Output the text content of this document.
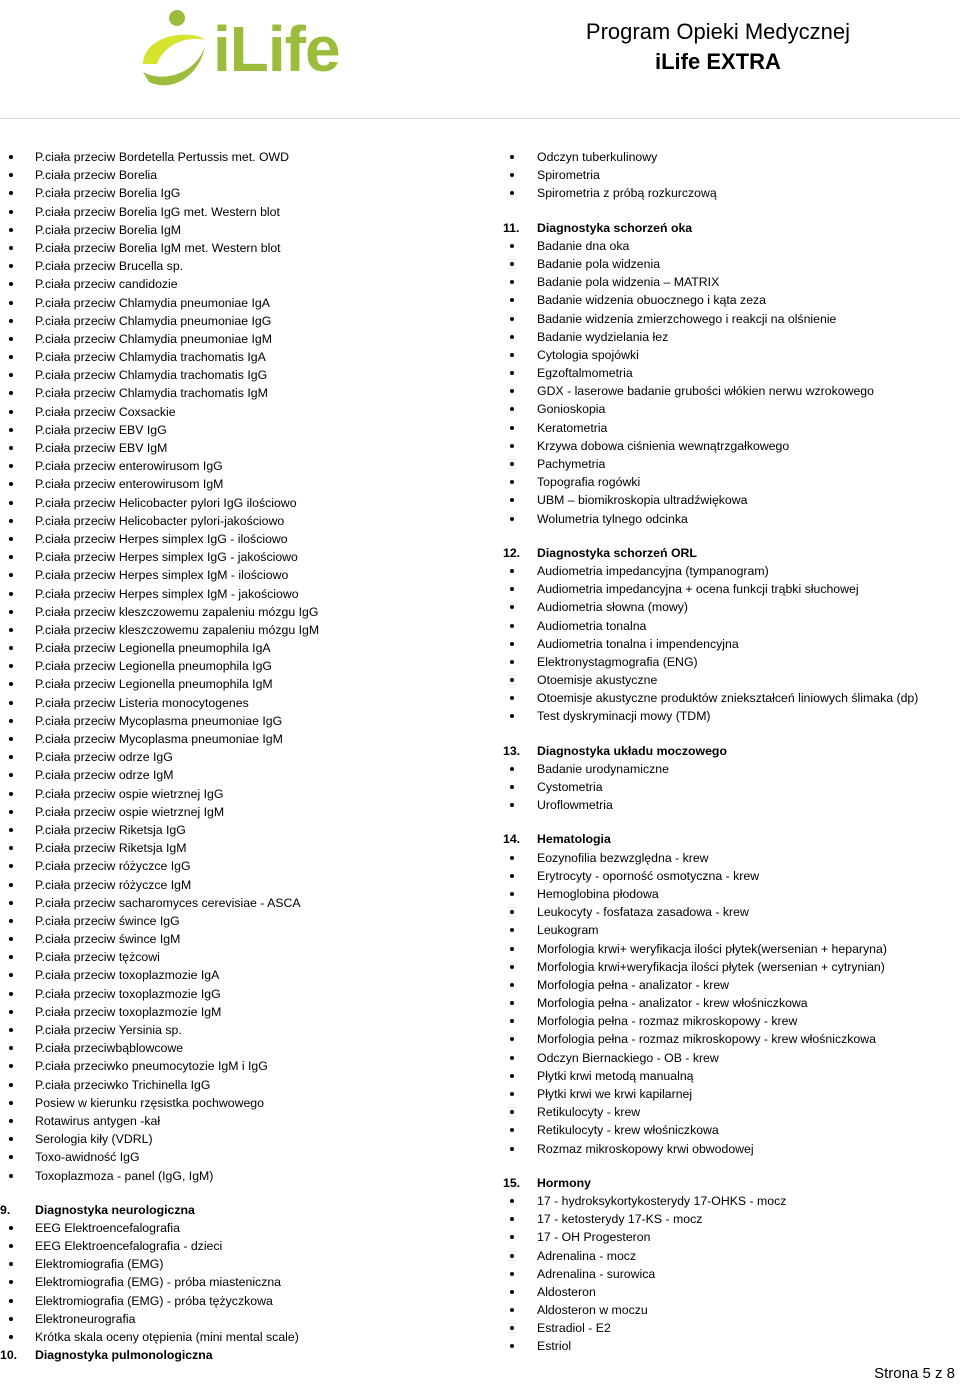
iLife	Program Opieki Medycznej
iLife EXTRA
P.ciała przeciw Bordetella Pertussis met. OWD
P.ciała przeciw Borelia
P.ciała przeciw Borelia IgG
P.ciała przeciw Borelia IgG met. Western blot
P.ciała przeciw Borelia IgM
P.ciała przeciw Borelia IgM met. Western blot
P.ciała przeciw Brucella sp.
P.ciała przeciw candidozie
P.ciała przeciw Chlamydia pneumoniae IgA
P.ciała przeciw Chlamydia pneumoniae IgG
P.ciała przeciw Chlamydia pneumoniae IgM
P.ciała przeciw Chlamydia trachomatis IgA
P.ciała przeciw Chlamydia trachomatis IgG
P.ciała przeciw Chlamydia trachomatis IgM
P.ciała przeciw Coxsackie
P.ciała przeciw EBV IgG
P.ciała przeciw EBV IgM
P.ciała przeciw enterowirusom IgG
P.ciała przeciw enterowirusom IgM
P.ciała przeciw Helicobacter pylori IgG ilościowo
P.ciała przeciw Helicobacter pylori-jakościowo
P.ciała przeciw Herpes simplex IgG - ilościowo
P.ciała przeciw Herpes simplex IgG - jakościowo
P.ciała przeciw Herpes simplex IgM - ilościowo
P.ciała przeciw Herpes simplex IgM - jakościowo
P.ciała przeciw kleszczowemu zapaleniu mózgu IgG
P.ciała przeciw kleszczowemu zapaleniu mózgu IgM
P.ciała przeciw Legionella pneumophila IgA
P.ciała przeciw Legionella pneumophila IgG
P.ciała przeciw Legionella pneumophila IgM
P.ciała przeciw Listeria monocytogenes
P.ciała przeciw Mycoplasma pneumoniae IgG
P.ciała przeciw Mycoplasma pneumoniae IgM
P.ciała przeciw odrze IgG
P.ciała przeciw odrze IgM
P.ciała przeciw ospie wietrznej IgG
P.ciała przeciw ospie wietrznej IgM
P.ciała przeciw Riketsja IgG
P.ciała przeciw Riketsja IgM
P.ciała przeciw różyczce IgG
P.ciała przeciw różyczce IgM
P.ciała przeciw sacharomyces cerevisiae - ASCA
P.ciała przeciw śwince IgG
P.ciała przeciw śwince IgM
P.ciała przeciw tężcowi
P.ciała przeciw toxoplazmozie IgA
P.ciała przeciw toxoplazmozie IgG
P.ciała przeciw toxoplazmozie IgM
P.ciała przeciw Yersinia sp.
P.ciała przeciwbąblowcowe
P.ciała przeciwko pneumocytozie IgM i IgG
P.ciała przeciwko Trichinella IgG
Posiew w kierunku rzęsistka pochwowego
Rotawirus antygen -kał
Serologia kiły (VDRL)
Toxo-awidność IgG
Toxoplazmoza - panel (IgG, IgM)
9. Diagnostyka neurologiczna
EEG Elektroencefalografia
EEG Elektroencefalografia - dzieci
Elektromiografia (EMG)
Elektromiografia (EMG) - próba miasteniczna
Elektromiografia (EMG) - próba tężyczkowa
Elektroneurografia
Krótka skala oceny otępienia (mini mental scale)
10. Diagnostyka pulmonologiczna
Odczyn tuberkulinowy
Spirometria
Spirometria z próbą rozkurczową
11. Diagnostyka schorzeń oka
Badanie dna oka
Badanie pola widzenia
Badanie pola widzenia – MATRIX
Badanie widzenia obuocznego i kąta zeza
Badanie widzenia zmierzchowego i reakcji na olśnienie
Badanie wydzielania łez
Cytologia spojówki
Egzoftalmometria
GDX - laserowe badanie grubości włókien nerwu wzrokowego
Gonioskopia
Keratometria
Krzywa dobowa ciśnienia wewnątrzgałkowego
Pachymetria
Topografia rogówki
UBM – biomikroskopia ultradźwiękowa
Wolumetria tylnego odcinka
12. Diagnostyka schorzeń ORL
Audiometria impedancyjna (tympanogram)
Audiometria impedancyjna + ocena funkcji trąbki słuchowej
Audiometria słowna (mowy)
Audiometria tonalna
Audiometria tonalna i impendencyjna
Elektronystagmografia (ENG)
Otoemisje akustyczne
Otoemisje akustyczne produktów zniekształceń liniowych ślimaka (dp)
Test dyskryminacji mowy (TDM)
13. Diagnostyka układu moczowego
Badanie urodynamiczne
Cystometria
Uroflowmetria
14. Hematologia
Eozynofilia bezwzględna - krew
Erytrocyty - oporność osmotyczna - krew
Hemoglobina płodowa
Leukocyty - fosfataza zasadowa - krew
Leukogram
Morfologia krwi+ weryfikacja ilości płytek(wersenian + heparyna)
Morfologia krwi+weryfikacja ilości płytek (wersenian + cytrynian)
Morfologia pełna - analizator - krew
Morfologia pełna - analizator - krew włośniczkowa
Morfologia pełna - rozmaz mikroskopowy - krew
Morfologia pełna - rozmaz mikroskopowy - krew włośniczkowa
Odczyn Biernackiego - OB - krew
Płytki krwi metodą manualną
Płytki krwi we krwi kapilarnej
Retikulocyty - krew
Retikulocyty - krew włośniczkowa
Rozmaz mikroskopowy krwi obwodowej
15. Hormony
17 - hydroksykortykosterydy 17-OHKS - mocz
17 - ketosterydy 17-KS - mocz
17 - OH Progesteron
Adrenalina - mocz
Adrenalina - surowica
Aldosteron
Aldosteron w moczu
Estradiol - E2
Estriol
Strona 5 z 8
